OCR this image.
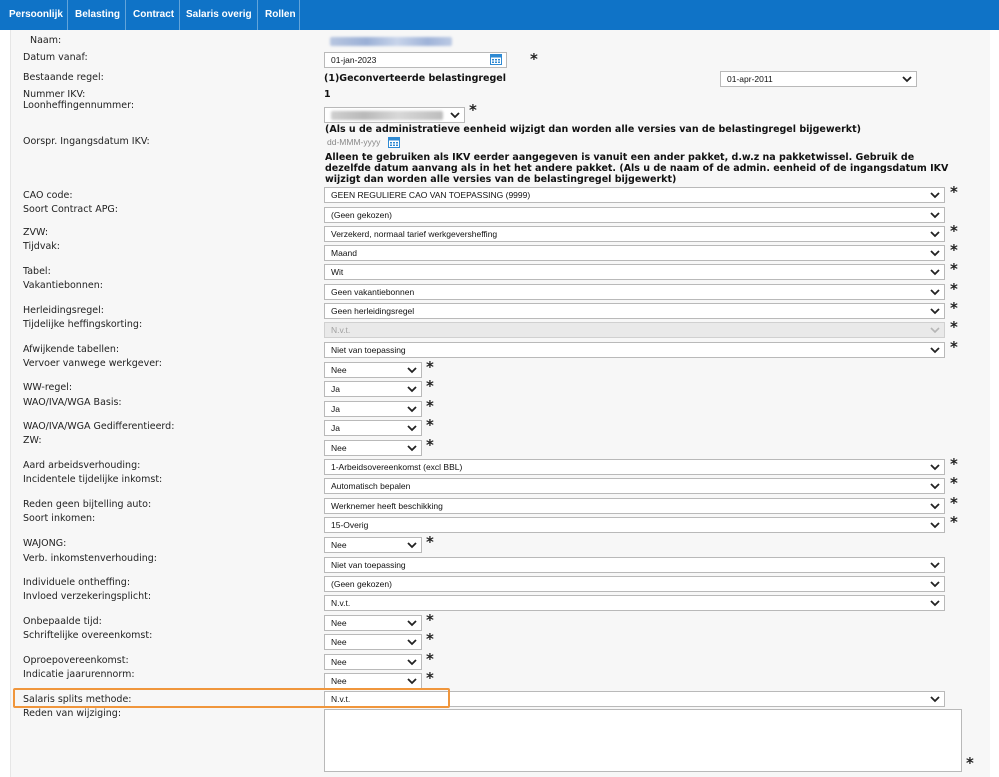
Persoonlijk Belasting Contract Salaris overig Rollen
Naam:
Datum vanaf:	01-jan-2023	*
Bestaande regel:	(1)Geconverteerde belastingregel	01-apr-2011
Nummer IKV:	1
Loonheffingennummer:	*
(Als u de administratieve eenheid wijzigt dan worden alle versies van de belastingregel bijgewerkt)
Oorspr. Ingangsdatum IKV:	dd-MMM-yyyy
Alleen te gebruiken als IKV eerder aangegeven is vanuit een ander pakket, d.w.z na pakketwissel. Gebruik de dezelfde datum aanvang als in het het andere pakket. (Als u de naam of de admin. eenheid of de ingangsdatum IKV wijzigt dan worden alle versies van de belastingregel bijgewerkt)
CAO code:	GEEN REGULIERE CAO VAN TOEPASSING (9999)	*
Soort Contract APG:	(Geen gekozen)
ZVW:	Verzekerd, normaal tarief werkgeversheffing	*
Tijdvak:
Maand	*
Tabel:	Wit	*
Vakantiebonnen:
Geen vakantiebonnen	*
Herleidingsregel:	Geen herleidingsregel	*
Tijdelijke heffingskorting:	N.v.t.	*
Afwijkende tabellen:	Niet van toepassing	*
Vervoer vanwege werkgever:
Nee	*
WW-regel:	Ja	*
WAO/IVA/WGA Basis:
Ja	*
WAO/IVA/WGA Gedifferentieerd:	Ja	*
ZW:
Nee	*
Aard arbeidsverhouding:	1-Arbeidsovereenkomst (excl BBL)	*
Incidentele tijdelijke inkomst:
Automatisch bepalen	*
Reden geen bijtelling auto:	Werknemer heeft beschikking	*
Soort inkomen:
15-Overig	*
WAJONG:	Nee	*
Verb. inkomstenverhouding:
Niet van toepassing
Individuele ontheffing:	(Geen gekozen)
Invloed verzekeringsplicht:
N.v.t.
Onbepaalde tijd:	Nee	*
Schriftelijke overeenkomst:
Nee	*
Oproepovereenkomst:	Nee	*
Indicatie jaarurennorm:
Nee	*
Salaris splits methode:	N.v.t.
Reden van wijziging:
*
